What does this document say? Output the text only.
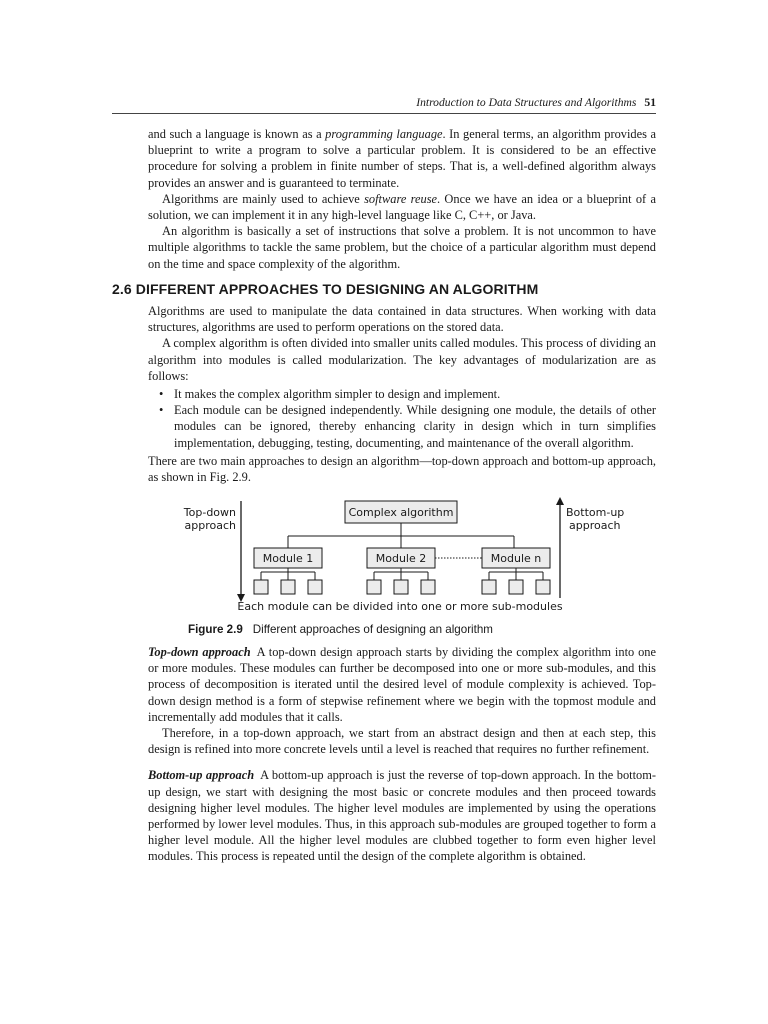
Introduction to Data Structures and Algorithms 51

and such a language is known as a programming language. In general terms, an algorithm provides a blueprint to write a program to solve a particular problem. It is considered to be an effective procedure for solving a problem in finite number of steps. That is, a well-defined algorithm always provides an answer and is guaranteed to terminate.

Algorithms are mainly used to achieve software reuse. Once we have an idea or a blueprint of a solution, we can implement it in any high-level language like C, C++, or Java.

An algorithm is basically a set of instructions that solve a problem. It is not uncommon to have multiple algorithms to tackle the same problem, but the choice of a particular algorithm must depend on the time and space complexity of the algorithm.

2.6 DIFFERENT APPROACHES TO DESIGNING AN ALGORITHM

Algorithms are used to manipulate the data contained in data structures. When working with data structures, algorithms are used to perform operations on the stored data.

A complex algorithm is often divided into smaller units called modules. This process of dividing an algorithm into modules is called modularization. The key advantages of modularization are as follows:

• It makes the complex algorithm simpler to design and implement.
• Each module can be designed independently. While designing one module, the details of other modules can be ignored, thereby enhancing clarity in design which in turn simplifies implementation, debugging, testing, documenting, and maintenance of the overall algorithm.

There are two main approaches to design an algorithm—top-down approach and bottom-up approach, as shown in Fig. 2.9.

Top-down
approach
Bottom-up
approach
Complex algorithm
Module 1	Module 2	Module n
Each module can be divided into one or more sub-modules
Figure 2.9 Different approaches of designing an algorithm

Top-down approach A top-down design approach starts by dividing the complex algorithm into one or more modules. These modules can further be decomposed into one or more sub-modules, and this process of decomposition is iterated until the desired level of module complexity is achieved. Top-down design method is a form of stepwise refinement where we begin with the topmost module and incrementally add modules that it calls.

Therefore, in a top-down approach, we start from an abstract design and then at each step, this design is refined into more concrete levels until a level is reached that requires no further refinement.

Bottom-up approach A bottom-up approach is just the reverse of top-down approach. In the bottom-up design, we start with designing the most basic or concrete modules and then proceed towards designing higher level modules. The higher level modules are implemented by using the operations performed by lower level modules. Thus, in this approach sub-modules are grouped together to form a higher level module. All the higher level modules are clubbed together to form even higher level modules. This process is repeated until the design of the complete algorithm is obtained.
